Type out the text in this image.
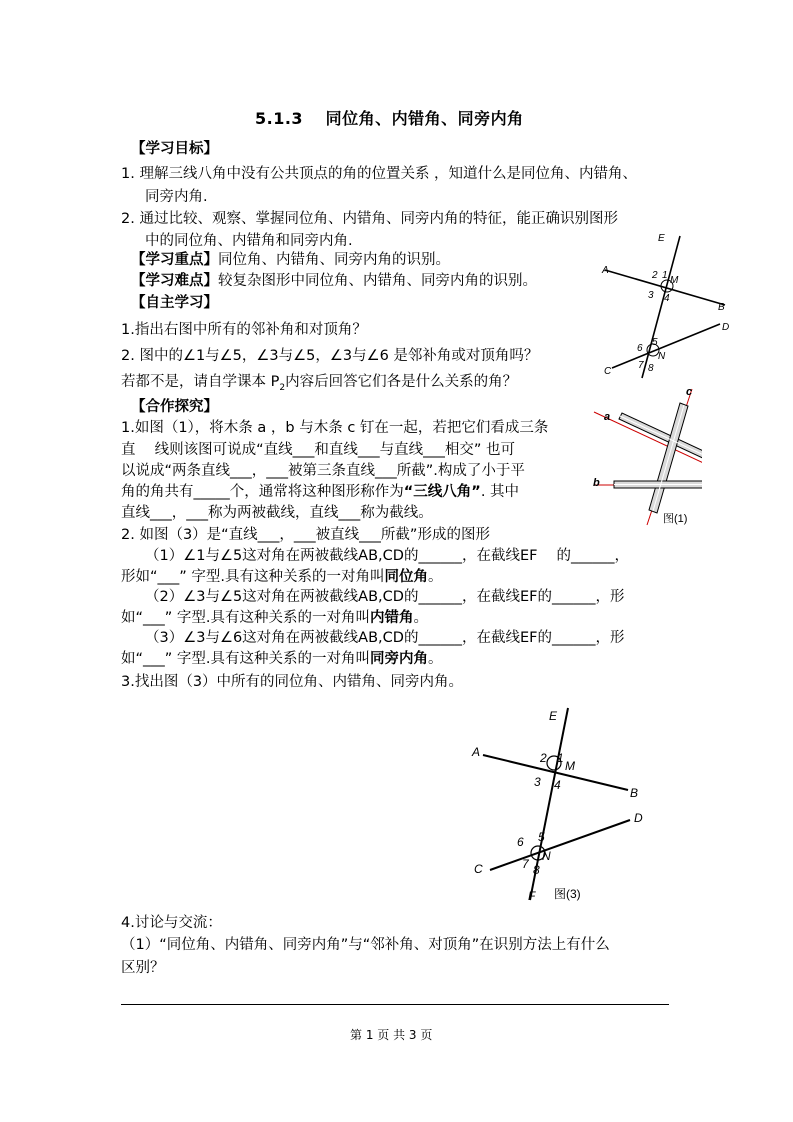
5.1.3　 同位角、内错角、同旁内角
【学习目标】
1. 理解三线八角中没有公共顶点的角的位置关系 ，知道什么是同位角、内错角、
同旁内角.
2. 通过比较、观察、掌握同位角、内错角、同旁内角的特征，能正确识别图形
中的同位角、内错角和同旁内角.
【学习重点】同位角、内错角、同旁内角的识别。
【学习难点】较复杂图形中同位角、内错角、同旁内角的识别。
【自主学习】
1.指出右图中所有的邻补角和对顶角？
2. 图中的∠1与∠5，∠3与∠5，∠3与∠6 是邻补角或对顶角吗？
若都不是，请自学课本 $P_2$内容后回答它们各是什么关系的角？
【合作探究】
1.如图（1），将木条 a ，b 与木条 c 钉在一起，若把它们看成三条
直　 线则该图可说成“直线___和直线___与直线___相交” 也可
以说成“两条直线___，___被第三条直线___所截”.构成了小于平
角的角共有_____个，通常将这种图形称作为“三线八角”. 其中
直线___，___称为两被截线，直线___称为截线。
2. 如图（3）是“直线___，___被直线___所截”形成的图形
（1）∠1与∠5这对角在两被截线AB,CD的______，在截线EF　 的______，
形如“___” 字型.具有这种关系的一对角叫同位角。
（2）∠3与∠5这对角在两被截线AB,CD的______，在截线EF的______，形
如“___” 字型.具有这种关系的一对角叫内错角。
（3）∠3与∠6这对角在两被截线AB,CD的______，在截线EF的______，形
如“___” 字型.具有这种关系的一对角叫同旁内角。
3.找出图（3）中所有的同位角、内错角、同旁内角。
4.讨论与交流：
（1）“同位角、内错角、同旁内角”与“邻补角、对顶角”在识别方法上有什么
区别？
第 1 页 共 3 页
E
A	2 1 M
3 4
B
D
6
5
N
C
7 8
a
c
b
图(1)
E
A	2 1
M
3 4
B
D
6 5
N
C	7 8
F 图(3)
